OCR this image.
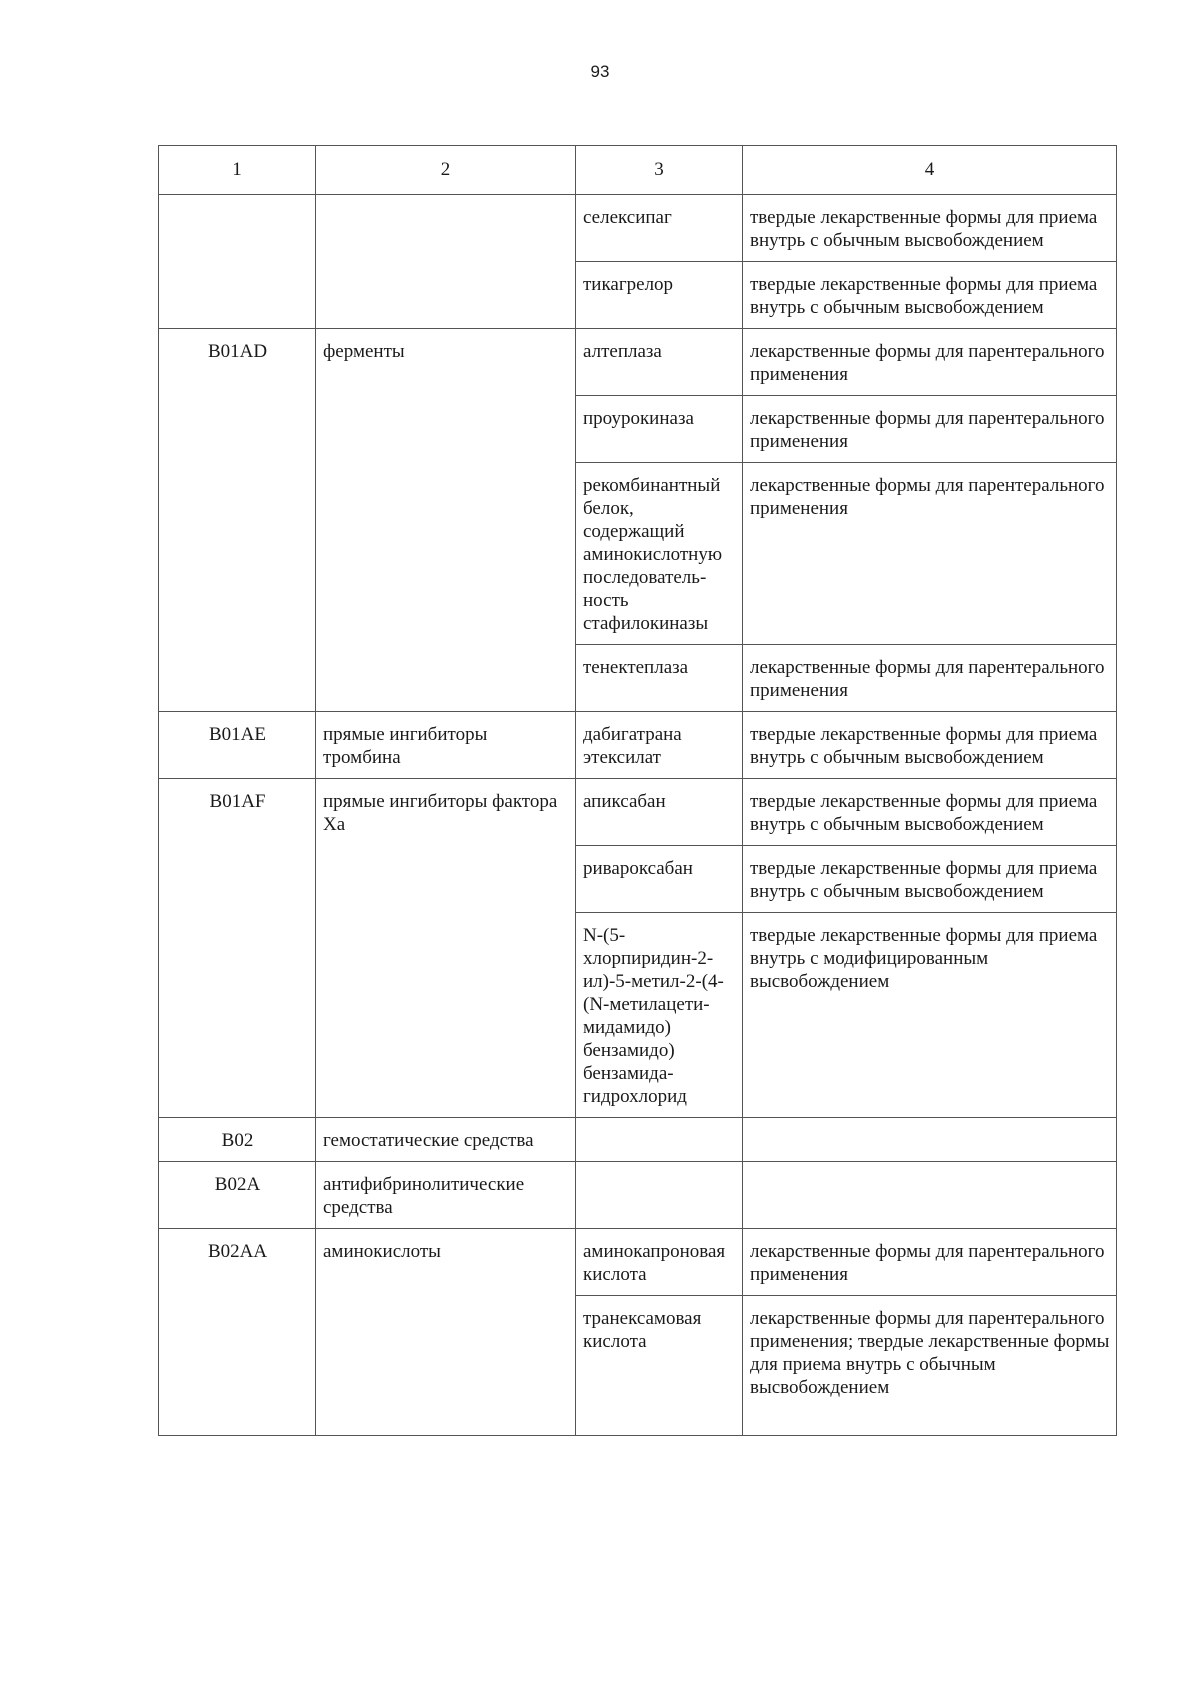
93
1	2	3	4
		селексипаг	твердые лекарственные формы для приема внутрь с обычным высвобождением
		тикагрелор	твердые лекарственные формы для приема внутрь с обычным высвобождением
B01AD	ферменты	алтеплаза	лекарственные формы для парентерального применения
		проурокиназа	лекарственные формы для парентерального применения
		рекомбинантный белок, содержащий аминокислотную последователь-ность стафилокиназы	лекарственные формы для парентерального применения
		тенектеплаза	лекарственные формы для парентерального применения
B01AE	прямые ингибиторы тромбина	дабигатрана этексилат	твердые лекарственные формы для приема внутрь с обычным высвобождением
B01AF	прямые ингибиторы фактора Xa	апиксабан	твердые лекарственные формы для приема внутрь с обычным высвобождением
		ривароксабан	твердые лекарственные формы для приема внутрь с обычным высвобождением
		N-(5-хлорпиридин-2-ил)-5-метил-2-(4-(N-метилацети-мидамидо) бензамидо) бензамида-гидрохлорид	твердые лекарственные формы для приема внутрь с модифицированным высвобождением
B02	гемостатические средства		
B02A	антифибринолитические средства		
B02AA	аминокислоты	аминокапроновая кислота	лекарственные формы для парентерального применения
		транексамовая кислота	лекарственные формы для парентерального применения; твердые лекарственные формы для приема внутрь с обычным высвобождением
